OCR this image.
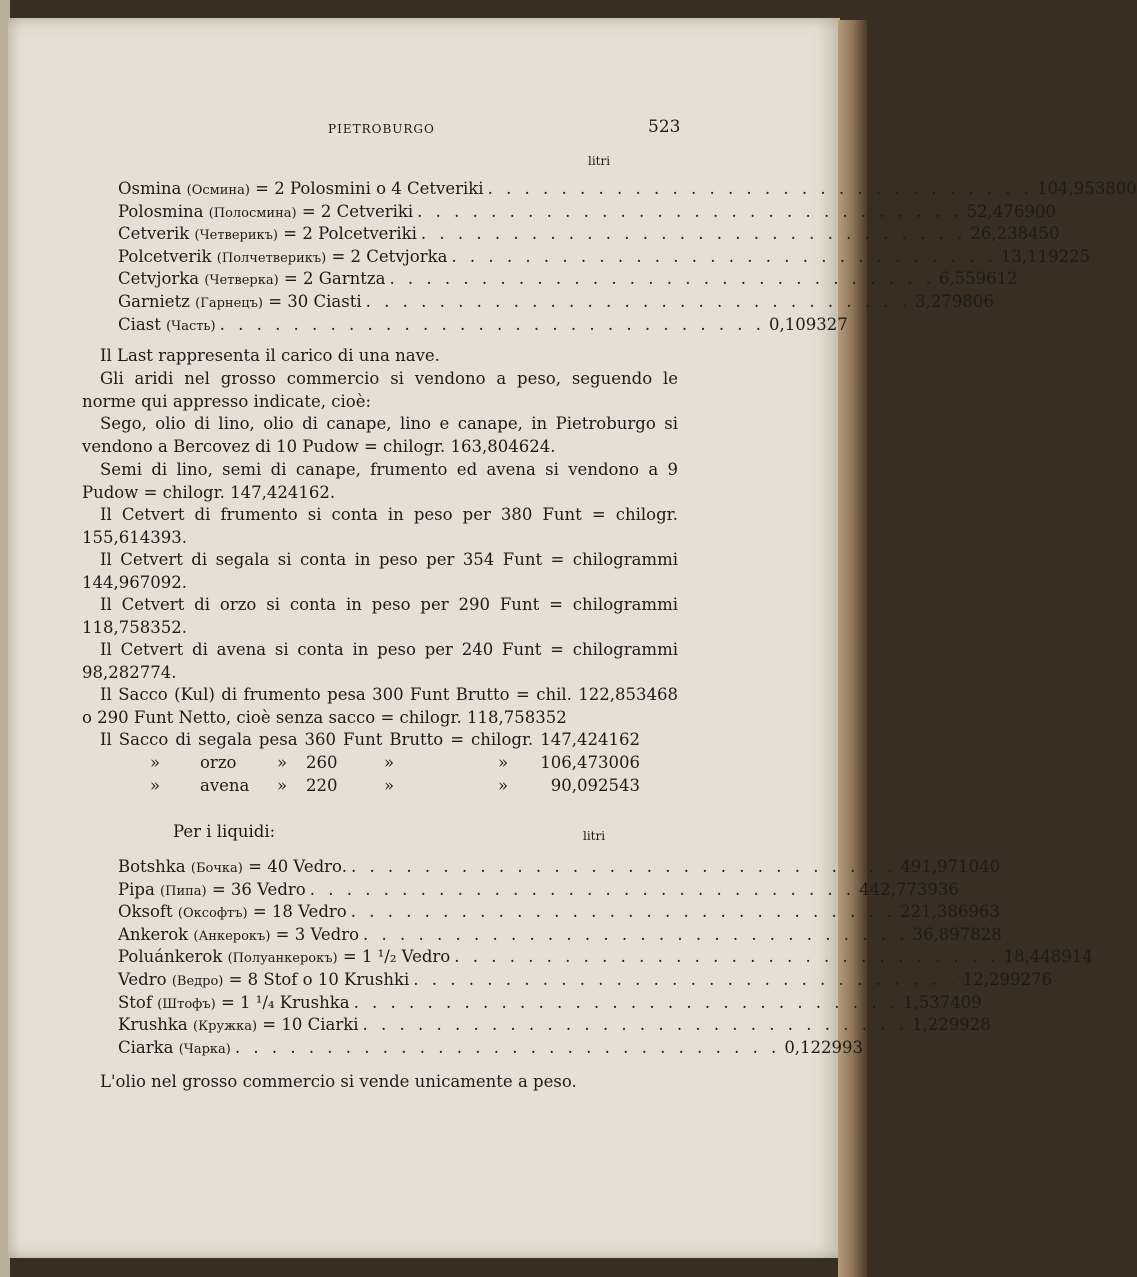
PIETROBURGO	523
litri
Osmina (Осмина) = 2 Polosmini o 4 Cetveriki . . . . . . . . . . . . . . . . . . . . . . . . . . . . . . 104,953800
Polosmina (Полосмина) = 2 Cetveriki . . . . . . . . . . . . . . . . . . . . . . . . . . . . . . 52,476900
Cetverik (Четверикъ) = 2 Polcetveriki . . . . . . . . . . . . . . . . . . . . . . . . . . . . . . 26,238450
Polcetverik (Полчетверикъ) = 2 Cetvjorka . . . . . . . . . . . . . . . . . . . . . . . . . . . . . . 13,119225
Cetvjorka (Четверка) = 2 Garntza . . . . . . . . . . . . . . . . . . . . . . . . . . . . . . 6,559612
Garnietz (Гарнецъ) = 30 Ciasti . . . . . . . . . . . . . . . . . . . . . . . . . . . . . . 3,279806
Ciast (Часть) . . . . . . . . . . . . . . . . . . . . . . . . . . . . . . 0,109327

Il Last rappresenta il carico di una nave.

Gli aridi nel grosso commercio si vendono a peso, seguendo le norme qui appresso indicate, cioè:

Sego, olio di lino, olio di canape, lino e canape, in Pietroburgo si vendono a Bercovez di 10 Pudow = chilogr. 163,804624.

Semi di lino, semi di canape, frumento ed avena si vendono a 9 Pudow = chilogr. 147,424162.

Il Cetvert di frumento si conta in peso per 380 Funt = chilogr. 155,614393.

Il Cetvert di segala si conta in peso per 354 Funt = chilogrammi 144,967092.

Il Cetvert di orzo si conta in peso per 290 Funt = chilogrammi 118,758352.

Il Cetvert di avena si conta in peso per 240 Funt = chilogrammi 98,282774.

Il Sacco (Kul) di frumento pesa 300 Funt Brutto = chil. 122,853468 o 290 Funt Netto, cioè senza sacco = chilogr. 118,758352

Il Sacco di segala pesa 360 Funt Brutto = chilogr. 147,424162
» orzo » 260	»	» 106,473006
» avena » 220	»	»	90,092543
Per i liquidi:	litri
Botshka (Бочка) = 40 Vedro. . . . . . . . . . . . . . . . . . . . . . . . . . . . . . . 491,971040
Pipa (Пипа) = 36 Vedro . . . . . . . . . . . . . . . . . . . . . . . . . . . . . . 442,773936
Oksoft (Оксофтъ) = 18 Vedro . . . . . . . . . . . . . . . . . . . . . . . . . . . . . . 221,386963
Ankerok (Анкерокъ) = 3 Vedro . . . . . . . . . . . . . . . . . . . . . . . . . . . . . . 36,897828
Poluánkerok (Полуанкерокъ) = 1 ¹/₂ Vedro . . . . . . . . . . . . . . . . . . . . . . . . . . . . . . 18,448914
Vedro (Ведро) = 8 Stof o 10 Krushki . . . . . . . . . . . . . . . . . . . . . . . . . . . . . . 12,299276
Stof (Штофъ) = 1 ¹/₄ Krushka . . . . . . . . . . . . . . . . . . . . . . . . . . . . . . 1,537409
Krushka (Кружка) = 10 Ciarki . . . . . . . . . . . . . . . . . . . . . . . . . . . . . . 1,229928
Ciarka (Чарка) . . . . . . . . . . . . . . . . . . . . . . . . . . . . . . 0,122993
L'olio nel grosso commercio si vende unicamente a peso.
